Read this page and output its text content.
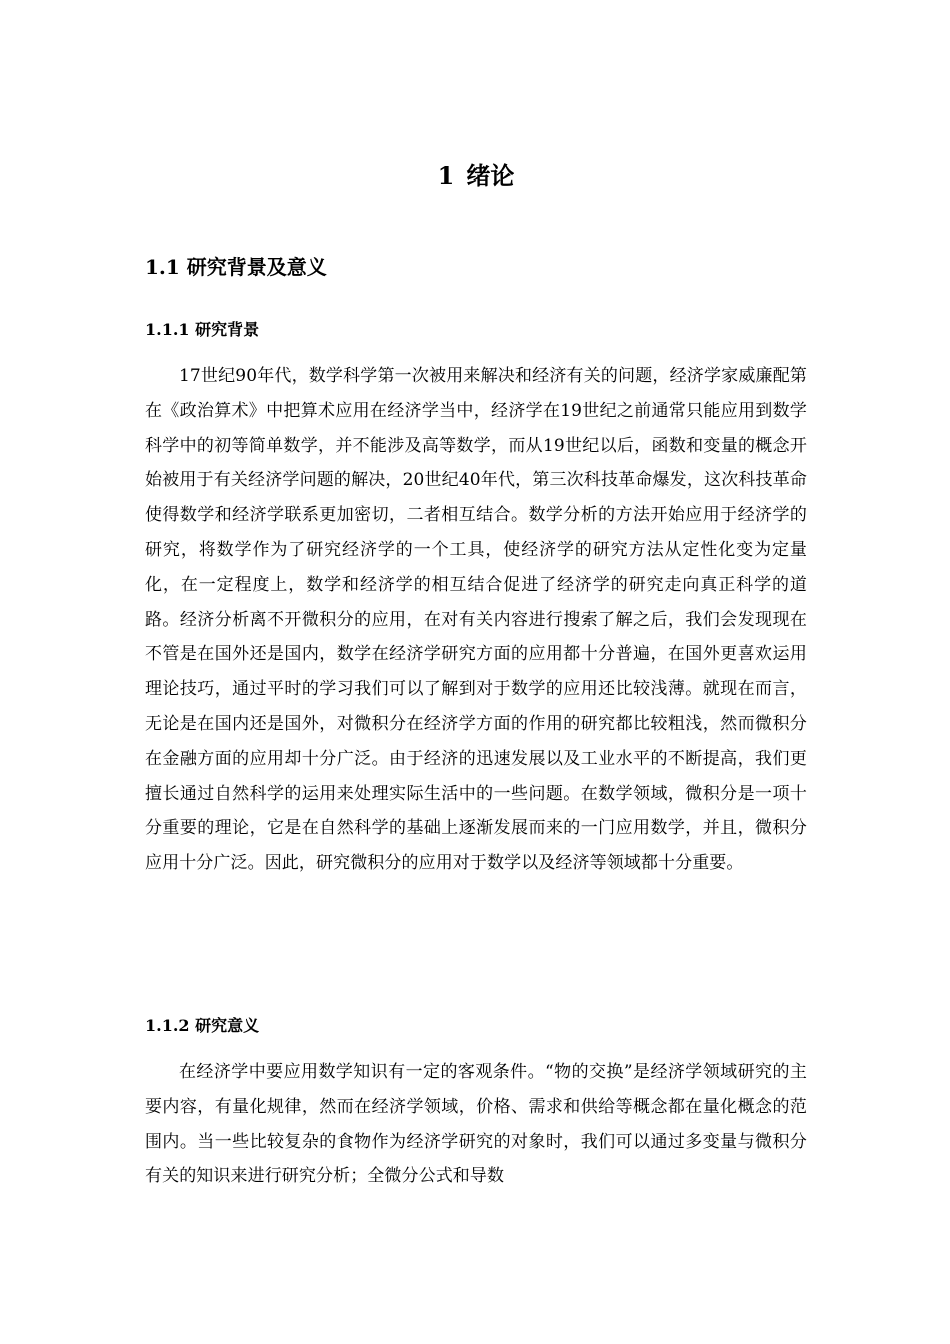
1 绪论
1.1 研究背景及意义
1.1.1 研究背景

17世纪90年代，数学科学第一次被用来解决和经济有关的问题，经济学家威廉配第在《政治算术》中把算术应用在经济学当中，经济学在19世纪之前通常只能应用到数学科学中的初等简单数学，并不能涉及高等数学，而从19世纪以后，函数和变量的概念开始被用于有关经济学问题的解决，20世纪40年代，第三次科技革命爆发，这次科技革命使得数学和经济学联系更加密切，二者相互结合。数学分析的方法开始应用于经济学的研究，将数学作为了研究经济学的一个工具，使经济学的研究方法从定性化变为定量化，在一定程度上，数学和经济学的相互结合促进了经济学的研究走向真正科学的道路。经济分析离不开微积分的应用，在对有关内容进行搜索了解之后，我们会发现现在不管是在国外还是国内，数学在经济学研究方面的应用都十分普遍，在国外更喜欢运用理论技巧，通过平时的学习我们可以了解到对于数学的应用还比较浅薄。就现在而言，无论是在国内还是国外，对微积分在经济学方面的作用的研究都比较粗浅，然而微积分在金融方面的应用却十分广泛。由于经济的迅速发展以及工业水平的不断提高，我们更擅长通过自然科学的运用来处理实际生活中的一些问题。在数学领域，微积分是一项十分重要的理论，它是在自然科学的基础上逐渐发展而来的一门应用数学，并且，微积分应用十分广泛。因此，研究微积分的应用对于数学以及经济等领域都十分重要。

1.1.2 研究意义

在经济学中要应用数学知识有一定的客观条件。“物的交换”是经济学领域研究的主要内容，有量化规律，然而在经济学领域，价格、需求和供给等概念都在量化概念的范围内。当一些比较复杂的食物作为经济学研究的对象时，我们可以通过多变量与微积分有关的知识来进行研究分析；全微分公式和导数
